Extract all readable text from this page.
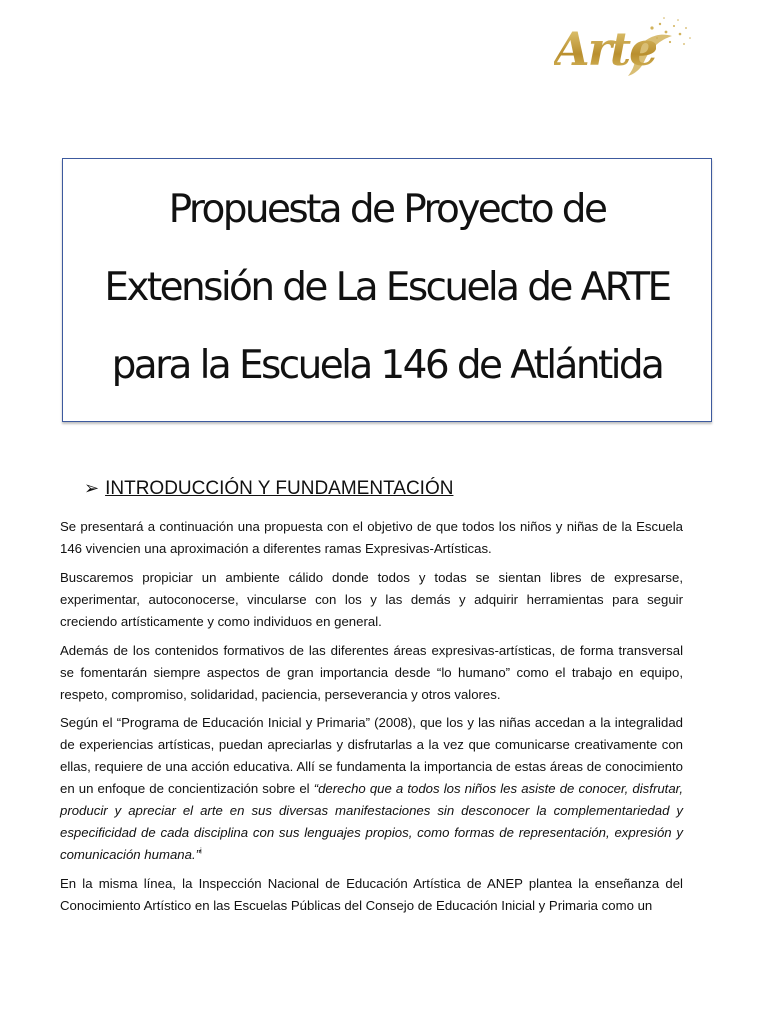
Arte
Propuesta de Proyecto de
Extensión de La Escuela de ARTE
para la Escuela 146 de Atlántida
➢ INTRODUCCIÓN Y FUNDAMENTACIÓN

Se presentará a continuación una propuesta con el objetivo de que todos los niños y niñas de la Escuela 146 vivencien una aproximación a diferentes ramas Expresivas-Artísticas.

Buscaremos propiciar un ambiente cálido donde todos y todas se sientan libres de expresarse, experimentar, autoconocerse, vincularse con los y las demás y adquirir herramientas para seguir creciendo artísticamente y como individuos en general.

Además de los contenidos formativos de las diferentes áreas expresivas-artísticas, de forma transversal se fomentarán siempre aspectos de gran importancia desde “lo humano” como el trabajo en equipo, respeto, compromiso, solidaridad, paciencia, perseverancia y otros valores.

Según el “Programa de Educación Inicial y Primaria” (2008), que los y las niñas accedan a la integralidad de experiencias artísticas, puedan apreciarlas y disfrutarlas a la vez que comunicarse creativamente con ellas, requiere de una acción educativa. Allí se fundamenta la importancia de estas áreas de conocimiento en un enfoque de concientización sobre el “derecho que a todos los niños les asiste de conocer, disfrutar, producir y apreciar el arte en sus diversas manifestaciones sin desconocer la complementariedad y especificidad de cada disciplina con sus lenguajes propios, como formas de representación, expresión y comunicación humana.”$^i$

En la misma línea, la Inspección Nacional de Educación Artística de ANEP plantea la enseñanza del Conocimiento Artístico en las Escuelas Públicas del Consejo de Educación Inicial y Primaria como un
